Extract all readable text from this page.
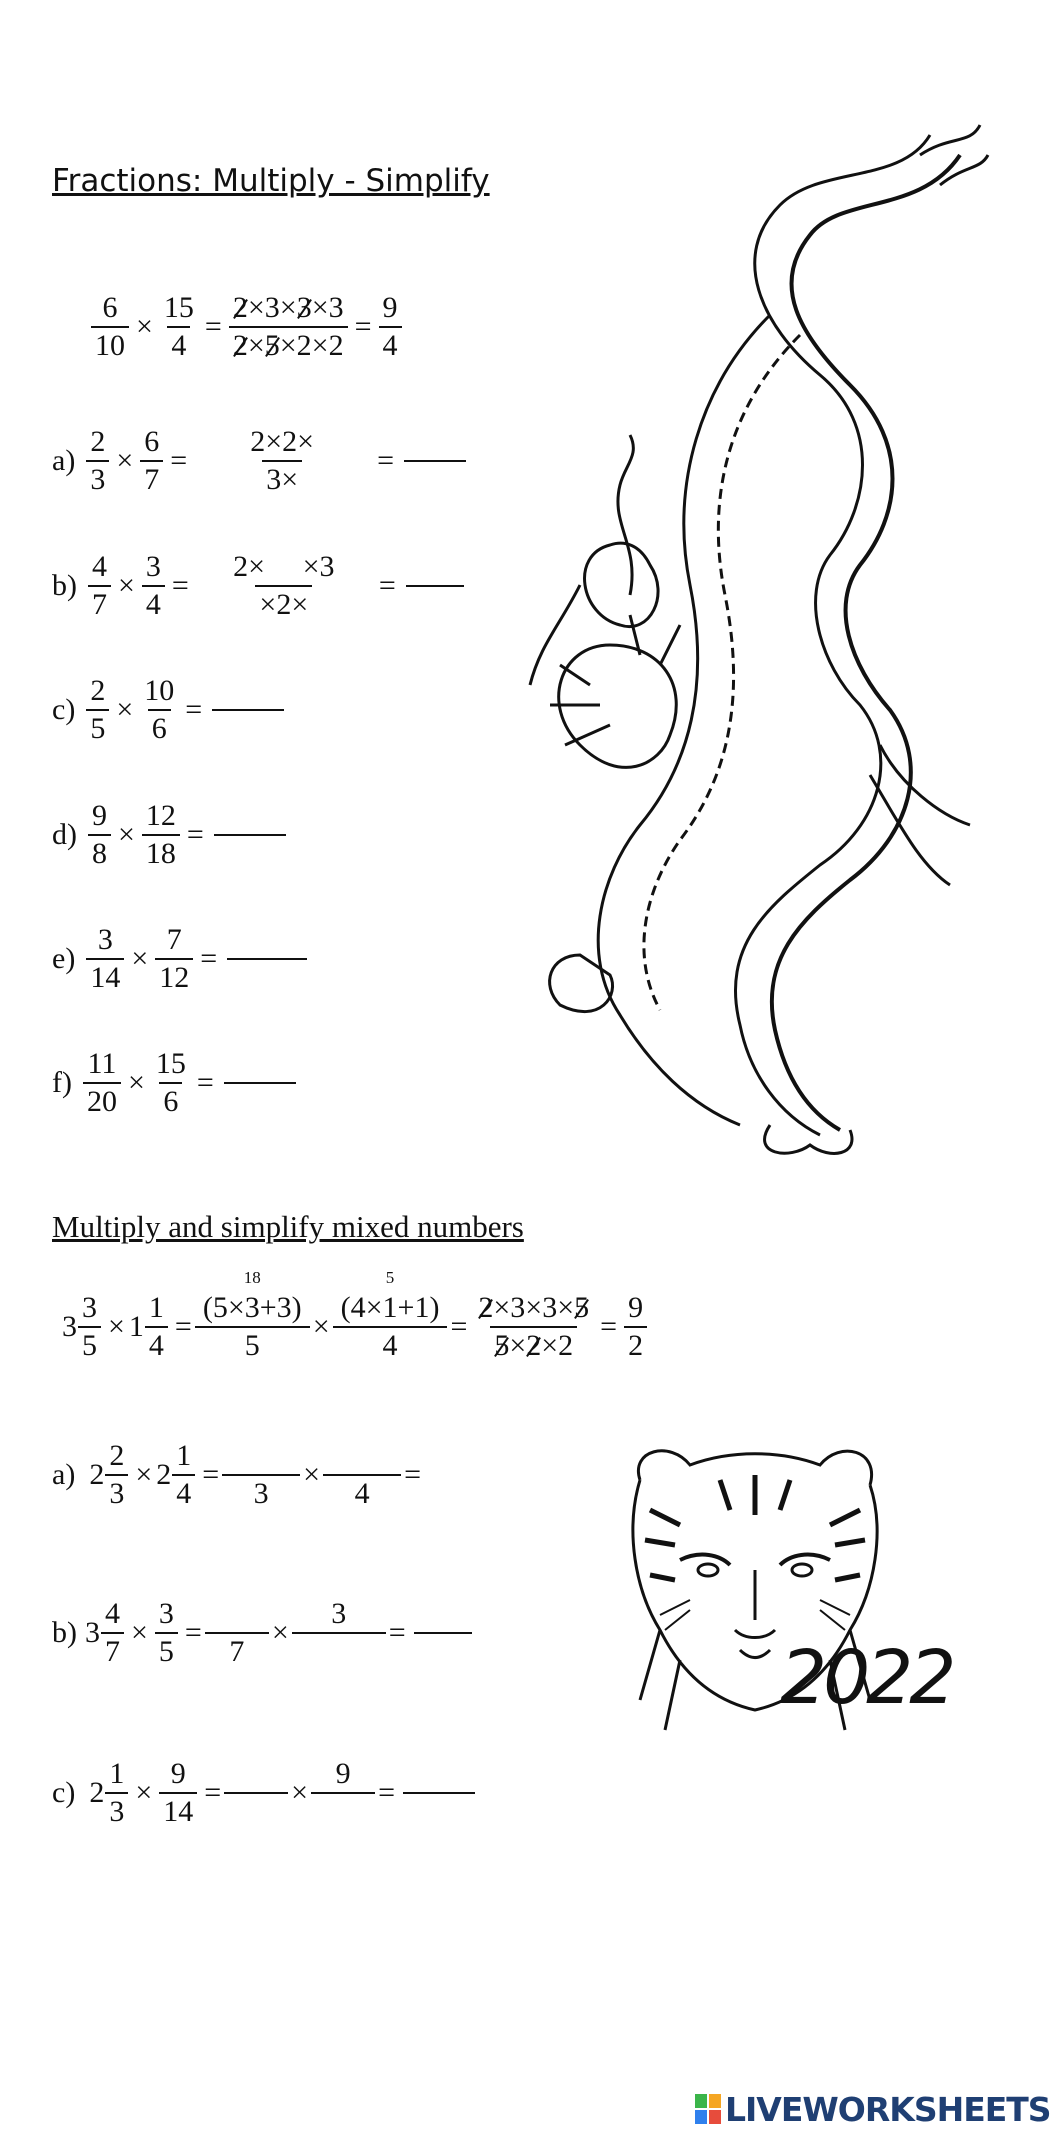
Fractions: Multiply - Simplify
$\frac{6}{10} \times \frac{15}{4} = \frac{2\times 3\times 3\times 3}{2\times 5\times 2\times 2} = \frac{9}{4}$
$a) \frac{2}{3} \times \frac{6}{7} = \frac{2\times 2\times}{3\times}$ =
$b) \frac{4}{7} \times \frac{3}{4} = \frac{2\times \times 3}{\times 2\times}$ =
$c) \frac{2}{5} \times \frac{10}{6}$ =
$d) \frac{9}{8} \times \frac{12}{18}$ =
$e) \frac{3}{14} \times \frac{7}{12}$ =
$f) \frac{11}{20} \times \frac{15}{6}$ =
Multiply and simplify mixed numbers
$3 \frac{3}{5} \times 1 \frac{1}{4} = (5\times 3$
18
+3)
5 × (4×1
5
+1)
$4 = \frac{2\times 3\times 3\times 5}{5\times 2\times 2} = \frac{9}{2}$
a) $2 \frac{2}{3} \times 2 \frac{1}{4}$ =

3
×

4
=
b) $3 \frac{4}{7} \times \frac{3}{5}$ =

7
×
3

=
c) $2 \frac{1}{3} \times \frac{9}{14}$ =

×
9

=
2022
LIVEWORKSHEETS
